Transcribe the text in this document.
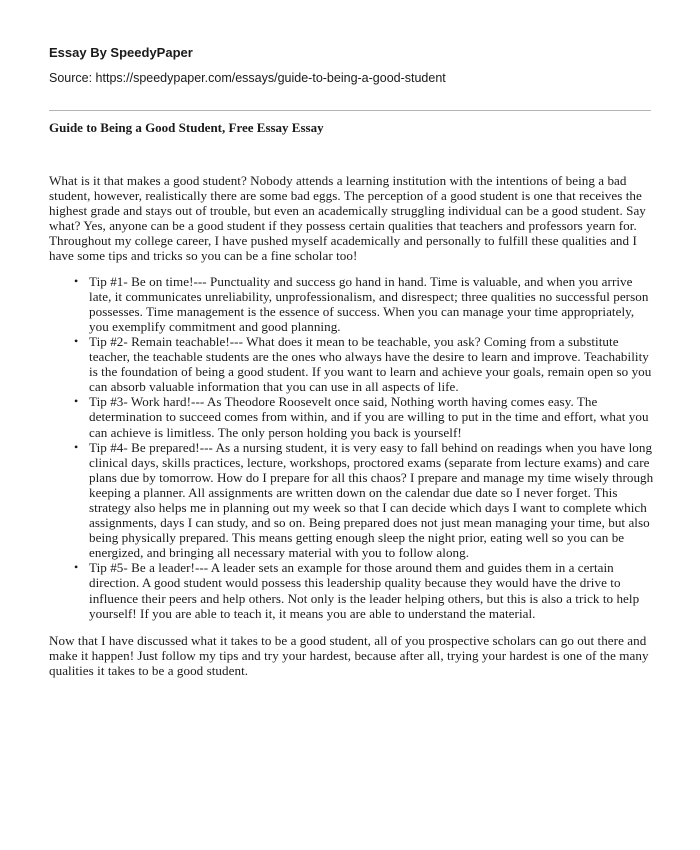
Essay By SpeedyPaper
Source: https://speedypaper.com/essays/guide-to-being-a-good-student
Guide to Being a Good Student, Free Essay Essay

What is it that makes a good student? Nobody attends a learning institution with the intentions of being a bad student, however, realistically there are some bad eggs. The perception of a good student is one that receives the highest grade and stays out of trouble, but even an academically struggling individual can be a good student. Say what? Yes, anyone can be a good student if they possess certain qualities that teachers and professors yearn for. Throughout my college career, I have pushed myself academically and personally to fulfill these qualities and I have some tips and tricks so you can be a fine scholar too!

• Tip #1- Be on time!--- Punctuality and success go hand in hand. Time is valuable, and when you arrive late, it communicates unreliability, unprofessionalism, and disrespect; three qualities no successful person possesses. Time management is the essence of success. When you can manage your time appropriately, you exemplify commitment and good planning.
• Tip #2- Remain teachable!--- What does it mean to be teachable, you ask? Coming from a substitute teacher, the teachable students are the ones who always have the desire to learn and improve. Teachability is the foundation of being a good student. If you want to learn and achieve your goals, remain open so you can absorb valuable information that you can use in all aspects of life.
• Tip #3- Work hard!--- As Theodore Roosevelt once said, Nothing worth having comes easy. The determination to succeed comes from within, and if you are willing to put in the time and effort, what you can achieve is limitless. The only person holding you back is yourself!
• Tip #4- Be prepared!--- As a nursing student, it is very easy to fall behind on readings when you have long clinical days, skills practices, lecture, workshops, proctored exams (separate from lecture exams) and care plans due by tomorrow. How do I prepare for all this chaos? I prepare and manage my time wisely through keeping a planner. All assignments are written down on the calendar due date so I never forget. This strategy also helps me in planning out my week so that I can decide which days I want to complete which assignments, days I can study, and so on. Being prepared does not just mean managing your time, but also being physically prepared. This means getting enough sleep the night prior, eating well so you can be energized, and bringing all necessary material with you to follow along.
• Tip #5- Be a leader!--- A leader sets an example for those around them and guides them in a certain direction. A good student would possess this leadership quality because they would have the drive to influence their peers and help others. Not only is the leader helping others, but this is also a trick to help yourself! If you are able to teach it, it means you are able to understand the material.

Now that I have discussed what it takes to be a good student, all of you prospective scholars can go out there and make it happen! Just follow my tips and try your hardest, because after all, trying your hardest is one of the many qualities it takes to be a good student.
